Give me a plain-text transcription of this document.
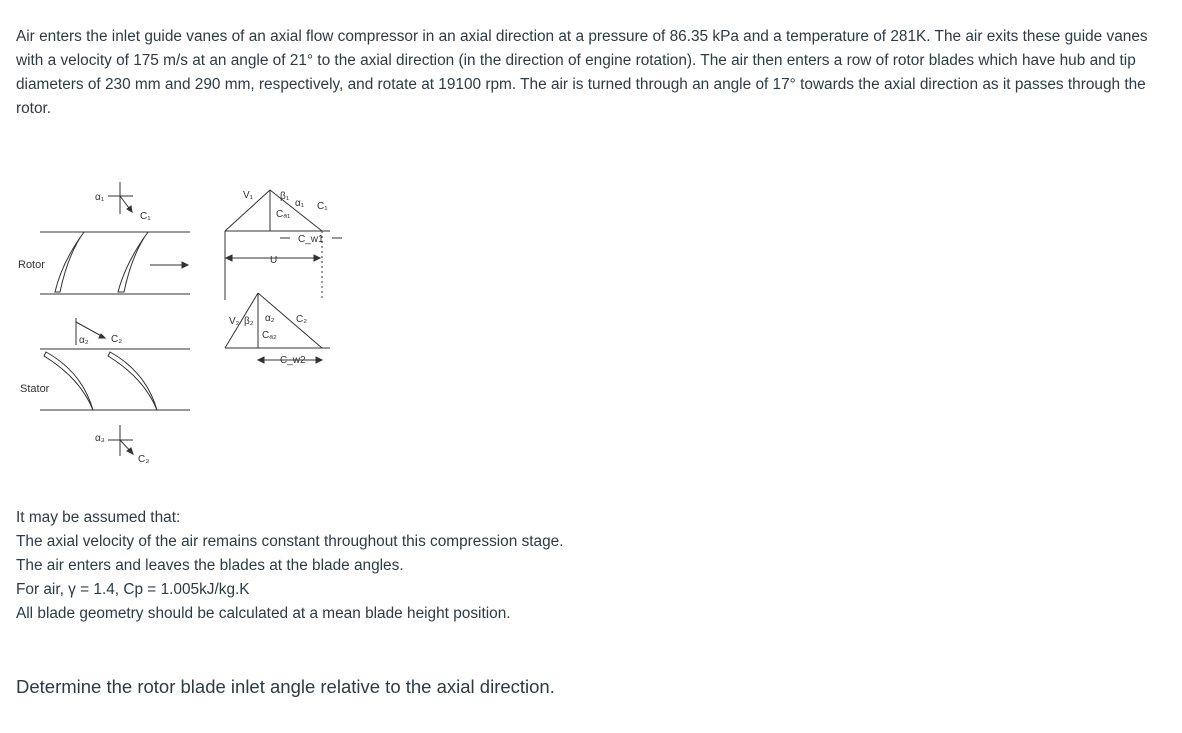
Air enters the inlet guide vanes of an axial flow compressor in an axial direction at a pressure of 86.35 kPa and a temperature of 281K. The air exits these guide vanes with a velocity of 175 m/s at an angle of 21° to the axial direction (in the direction of engine rotation). The air then enters a row of rotor blades which have hub and tip diameters of 230 mm and 290 mm, respectively, and rotate at 19100 rpm. The air is turned through an angle of 17° towards the axial direction as it passes through the rotor.

α₁
C₁
Rotor
α₂ C₂
Stator
α₃
C₃
V₁	β₁
α₁ C₁
Cₐ₁
C_w1
U
V₂ β₂ α₂ C₂
Cₐ₂
C_w2
It may be assumed that:
The axial velocity of the air remains constant throughout this compression stage.
The air enters and leaves the blades at the blade angles.
For air, γ = 1.4, Cp = 1.005kJ/kg.K
All blade geometry should be calculated at a mean blade height position.
Determine the rotor blade inlet angle relative to the axial direction.
